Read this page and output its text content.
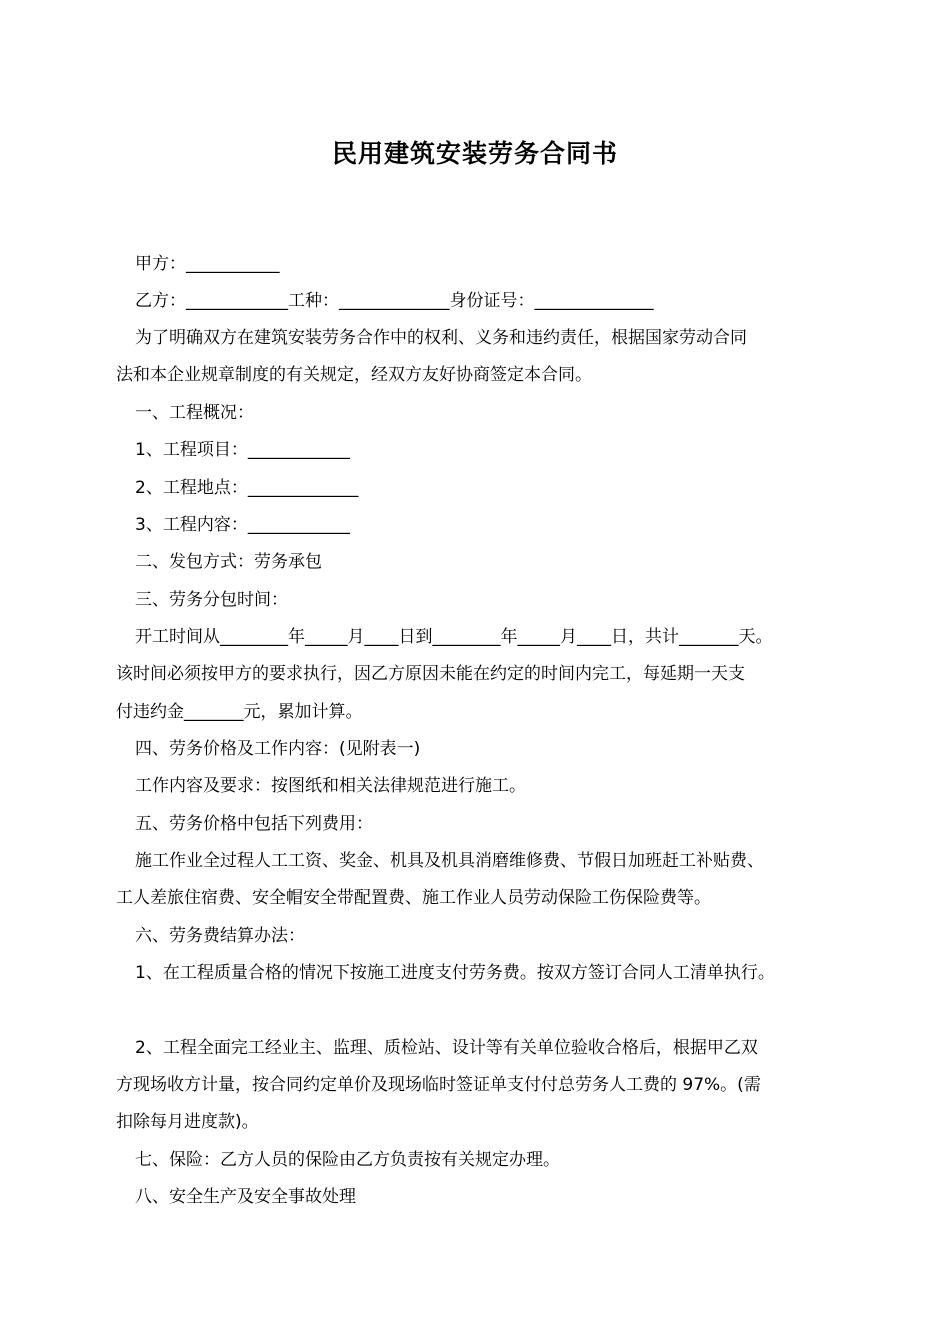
民用建筑安装劳务合同书
甲方：___________
乙方：____________工种：_____________身份证号：______________
为了明确双方在建筑安装劳务合作中的权利、义务和违约责任，根据国家劳动合同
法和本企业规章制度的有关规定，经双方友好协商签定本合同。
一、工程概况：
1、工程项目：____________
2、工程地点：_____________
3、工程内容：____________
二、发包方式：劳务承包
三、劳务分包时间：
开工时间从________年_____月____日到________年_____月____日，共计_______天。
该时间必须按甲方的要求执行，因乙方原因未能在约定的时间内完工，每延期一天支
付违约金_______元，累加计算。
四、劳务价格及工作内容：(见附表一)
工作内容及要求：按图纸和相关法律规范进行施工。
五、劳务价格中包括下列费用：
施工作业全过程人工工资、奖金、机具及机具消磨维修费、节假日加班赶工补贴费、
工人差旅住宿费、安全帽安全带配置费、施工作业人员劳动保险工伤保险费等。
六、劳务费结算办法：
1、在工程质量合格的情况下按施工进度支付劳务费。按双方签订合同人工清单执行。
2、工程全面完工经业主、监理、质检站、设计等有关单位验收合格后，根据甲乙双
方现场收方计量，按合同约定单价及现场临时签证单支付付总劳务人工费的 97%。(需
扣除每月进度款)。
七、保险：乙方人员的保险由乙方负责按有关规定办理。
八、安全生产及安全事故处理
